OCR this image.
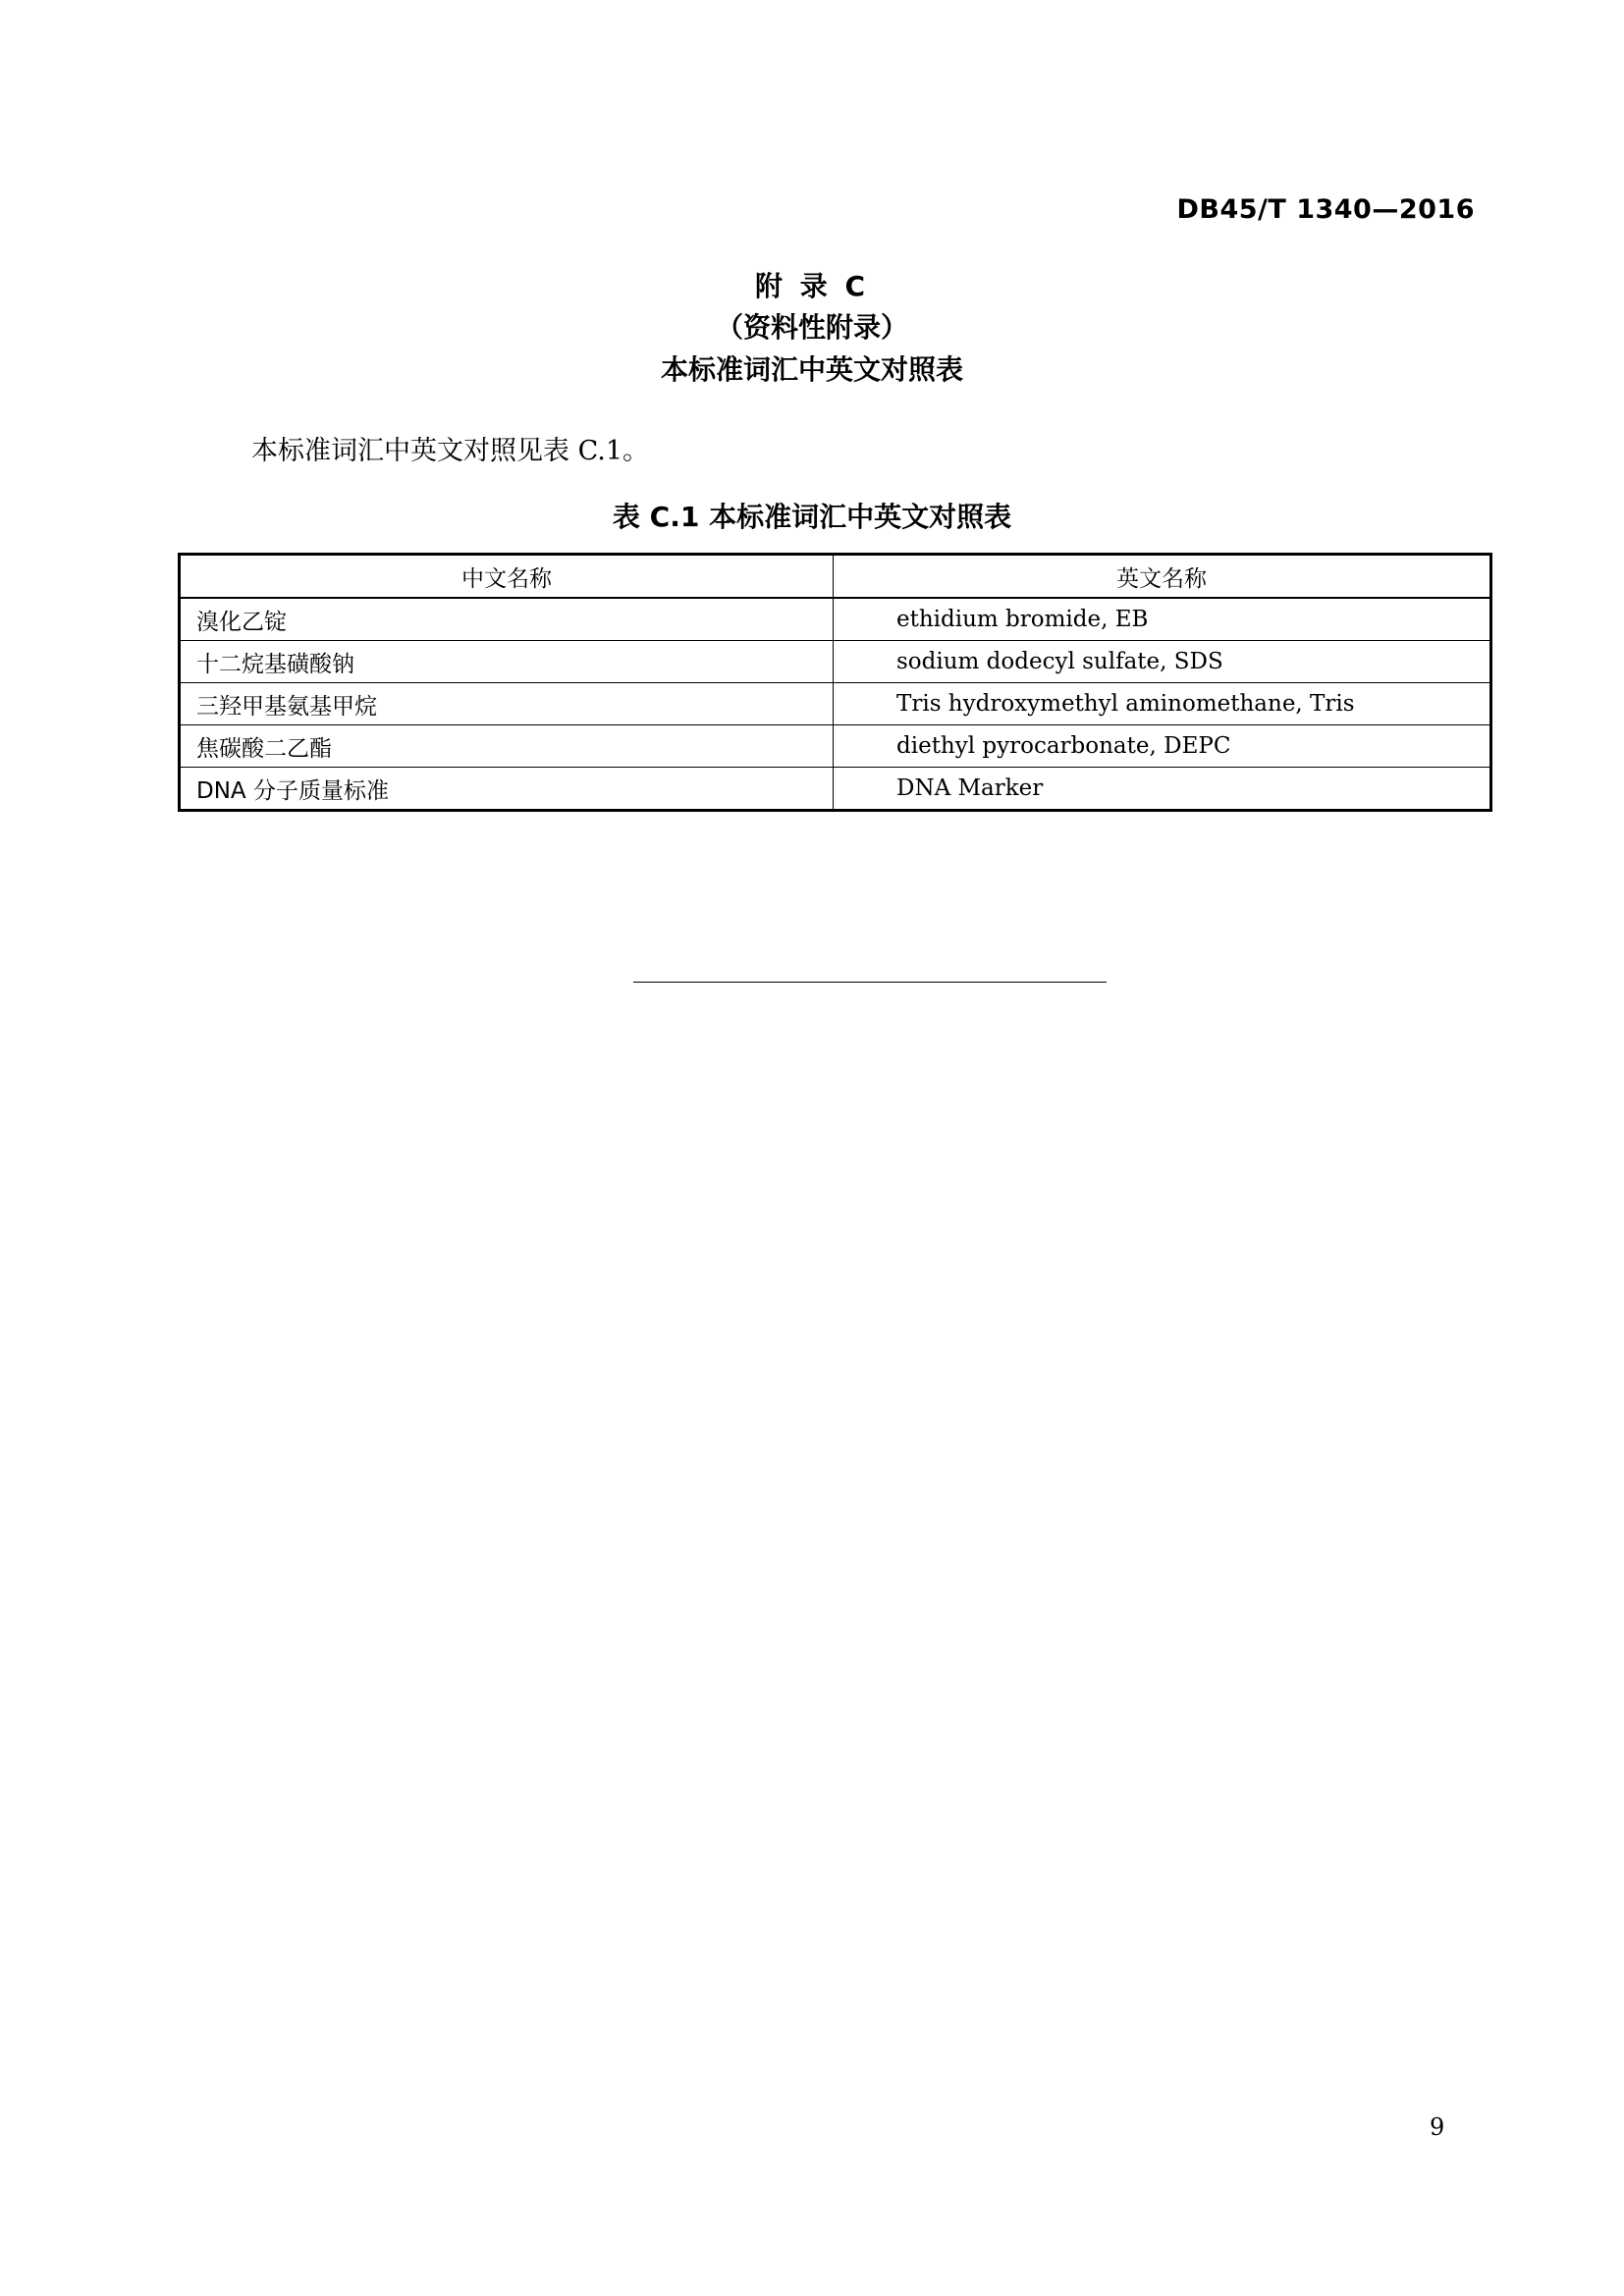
DB45/T 1340—2016
附 录 C
（资料性附录）
本标准词汇中英文对照表
本标准词汇中英文对照见表 C.1。
表 C.1 本标准词汇中英文对照表
中文名称	英文名称
溴化乙锭	ethidium bromide, EB
十二烷基磺酸钠	sodium dodecyl sulfate, SDS
三羟甲基氨基甲烷	Tris hydroxymethyl aminomethane, Tris
焦碳酸二乙酯	diethyl pyrocarbonate, DEPC
DNA 分子质量标准	DNA Marker
9
